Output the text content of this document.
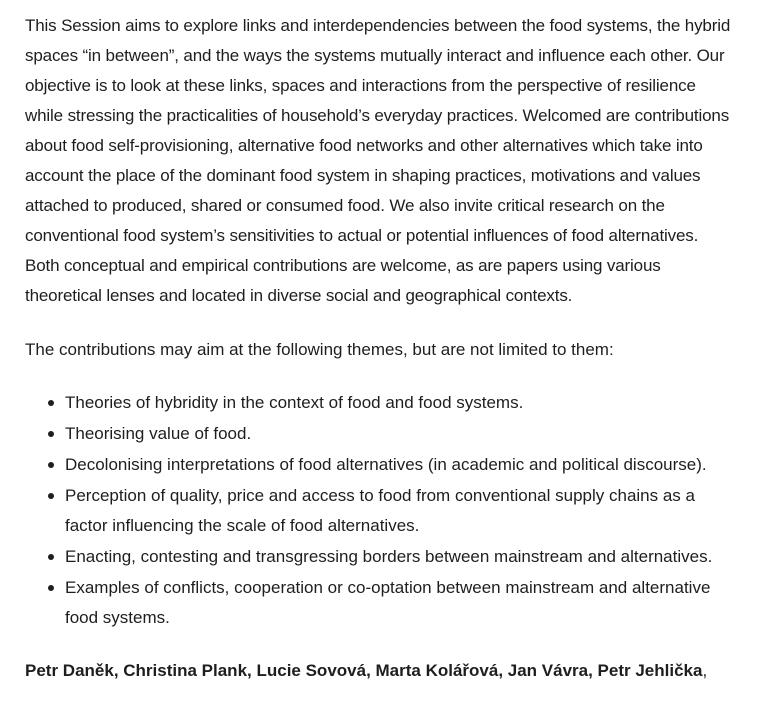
This Session aims to explore links and interdependencies between the food systems, the hybrid spaces “in between”, and the ways the systems mutually interact and influence each other. Our objective is to look at these links, spaces and interactions from the perspective of resilience while stressing the practicalities of household’s everyday practices. Welcomed are contributions about food self-provisioning, alternative food networks and other alternatives which take into account the place of the dominant food system in shaping practices, motivations and values attached to produced, shared or consumed food. We also invite critical research on the conventional food system’s sensitivities to actual or potential influences of food alternatives. Both conceptual and empirical contributions are welcome, as are papers using various theoretical lenses and located in diverse social and geographical contexts.

The contributions may aim at the following themes, but are not limited to them:

Theories of hybridity in the context of food and food systems.
Theorising value of food.
Decolonising interpretations of food alternatives (in academic and political discourse).
Perception of quality, price and access to food from conventional supply chains as a factor influencing the scale of food alternatives.
Enacting, contesting and transgressing borders between mainstream and alternatives.
Examples of conflicts, cooperation or co-optation between mainstream and alternative food systems.

Petr Daněk, Christina Plank, Lucie Sovová, Marta Kolářová, Jan Vávra, Petr Jehlička,
